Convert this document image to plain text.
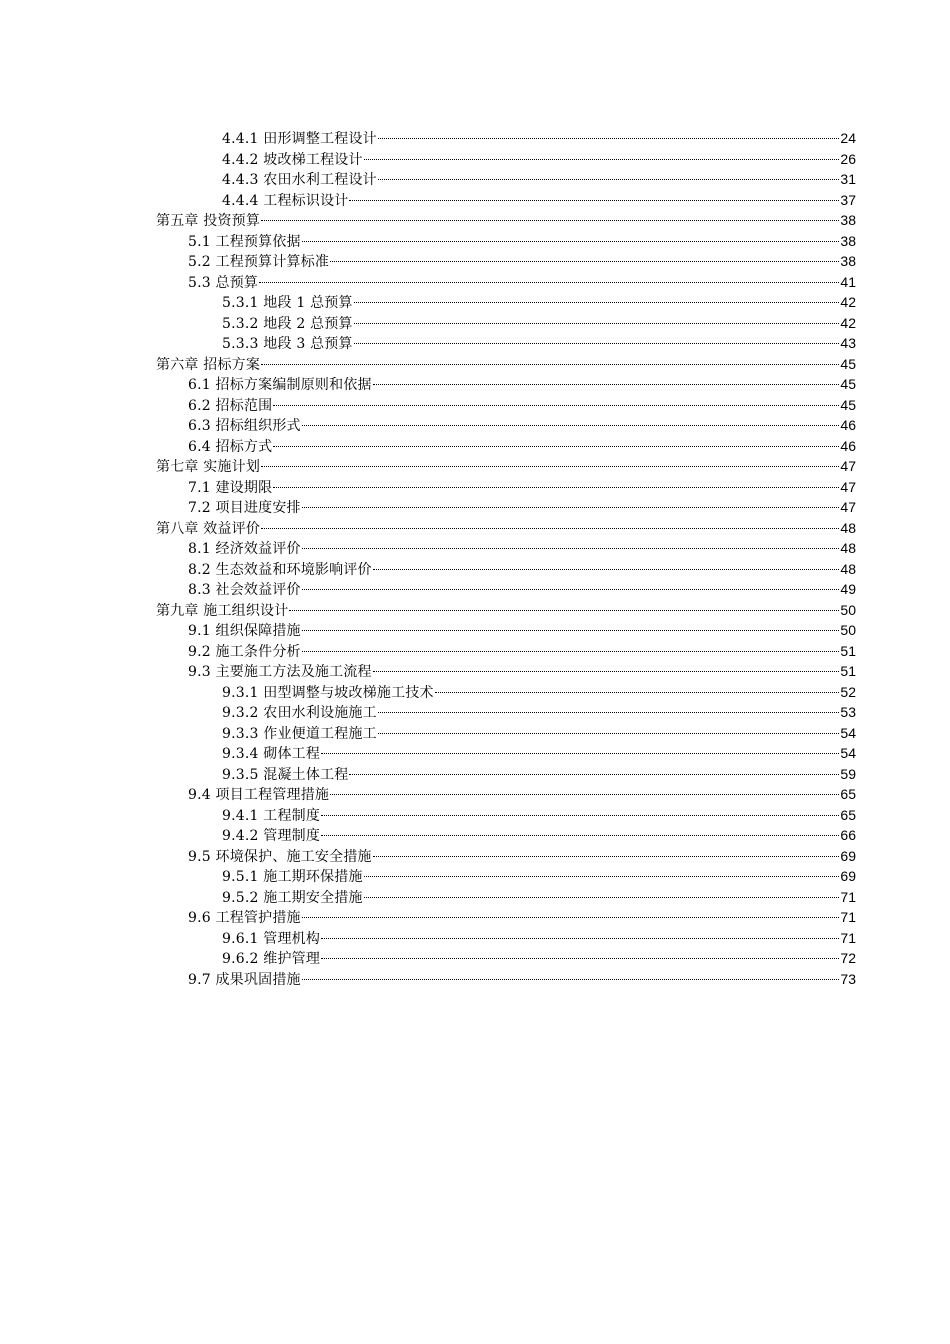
4.4.1 田形调整工程设计	24
4.4.2 坡改梯工程设计	26
4.4.3 农田水利工程设计	31
4.4.4 工程标识设计	37
第五章 投资预算	38
5.1 工程预算依据	38
5.2 工程预算计算标准	38
5.3 总预算	41
5.3.1 地段 1 总预算	42
5.3.2 地段 2 总预算	42
5.3.3 地段 3 总预算	43
第六章 招标方案	45
6.1 招标方案编制原则和依据	45
6.2 招标范围	45
6.3 招标组织形式	46
6.4 招标方式	46
第七章 实施计划	47
7.1 建设期限	47
7.2 项目进度安排	47
第八章 效益评价	48
8.1 经济效益评价	48
8.2 生态效益和环境影响评价	48
8.3 社会效益评价	49
第九章 施工组织设计	50
9.1 组织保障措施	50
9.2 施工条件分析	51
9.3 主要施工方法及施工流程	51
9.3.1 田型调整与坡改梯施工技术	52
9.3.2 农田水利设施施工	53
9.3.3 作业便道工程施工	54
9.3.4 砌体工程	54
9.3.5 混凝土体工程	59
9.4 项目工程管理措施	65
9.4.1 工程制度	65
9.4.2 管理制度	66
9.5 环境保护、施工安全措施	69
9.5.1 施工期环保措施	69
9.5.2 施工期安全措施	71
9.6 工程管护措施	71
9.6.1 管理机构	71
9.6.2 维护管理	72
9.7 成果巩固措施	73
